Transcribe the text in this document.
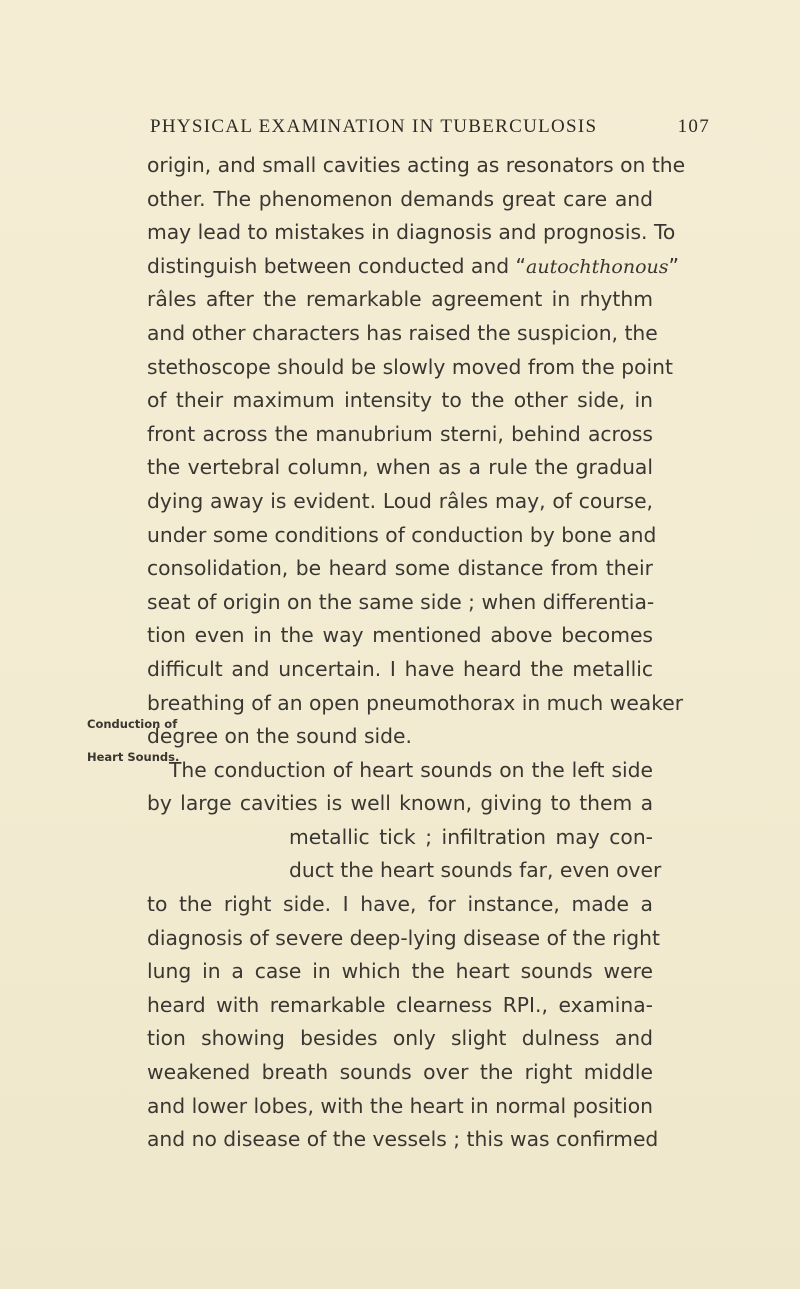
PHYSICAL EXAMINATION IN TUBERCULOSIS	107
Conduction of
Heart Sounds.
origin, and small cavities acting as resonators on the
other. The phenomenon demands great care and
may lead to mistakes in diagnosis and prognosis. To
distinguish between conducted and “autochthonous”
râles after the remarkable agreement in rhythm
and other characters has raised the suspicion, the
stethoscope should be slowly moved from the point
of their maximum intensity to the other side, in
front across the manubrium sterni, behind across
the vertebral column, when as a rule the gradual
dying away is evident. Loud râles may, of course,
under some conditions of conduction by bone and
consolidation, be heard some distance from their
seat of origin on the same side ; when differentia-
tion even in the way mentioned above becomes
difficult and uncertain. I have heard the metallic
breathing of an open pneumothorax in much weaker
degree on the sound side.
The conduction of heart sounds on the left side
by large cavities is well known, giving to them a
metallic tick ; infiltration may con-
duct the heart sounds far, even over
to the right side. I have, for instance, made a
diagnosis of severe deep-lying disease of the right
lung in a case in which the heart sounds were
heard with remarkable clearness RPI., examina-
tion showing besides only slight dulness and
weakened breath sounds over the right middle
and lower lobes, with the heart in normal position
and no disease of the vessels ; this was confirmed
